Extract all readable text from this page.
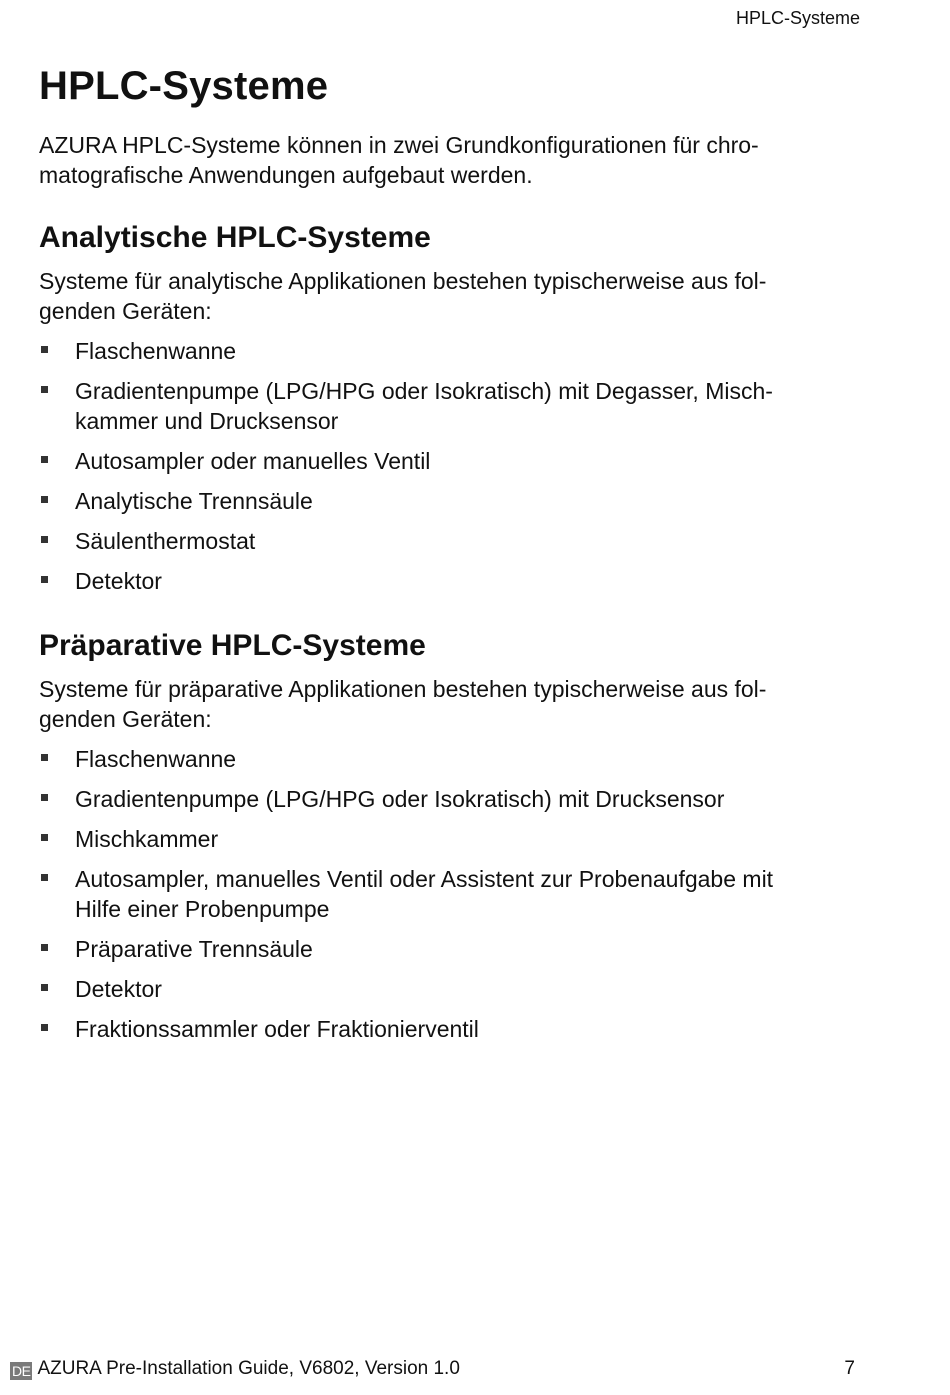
HPLC-Systeme
HPLC-Systeme

AZURA HPLC-Systeme können in zwei Grundkonfigurationen für chro-
matografische Anwendungen aufgebaut werden.

Analytische HPLC-Systeme

Systeme für analytische Applikationen bestehen typischerweise aus fol-
genden Geräten:

Flaschenwanne
Gradientenpumpe (LPG/HPG oder Isokratisch) mit Degasser, Misch-
kammer und Drucksensor
Autosampler oder manuelles Ventil
Analytische Trennsäule
Säulenthermostat
Detektor
Präparative HPLC-Systeme

Systeme für präparative Applikationen bestehen typischerweise aus fol-
genden Geräten:

Flaschenwanne
Gradientenpumpe (LPG/HPG oder Isokratisch) mit Drucksensor
Mischkammer
Autosampler, manuelles Ventil oder Assistent zur Probenaufgabe mit
Hilfe einer Probenpumpe
Präparative Trennsäule
Detektor
Fraktionssammler oder Fraktionierventil
DE AZURA Pre-Installation Guide, V6802, Version 1.0	7
